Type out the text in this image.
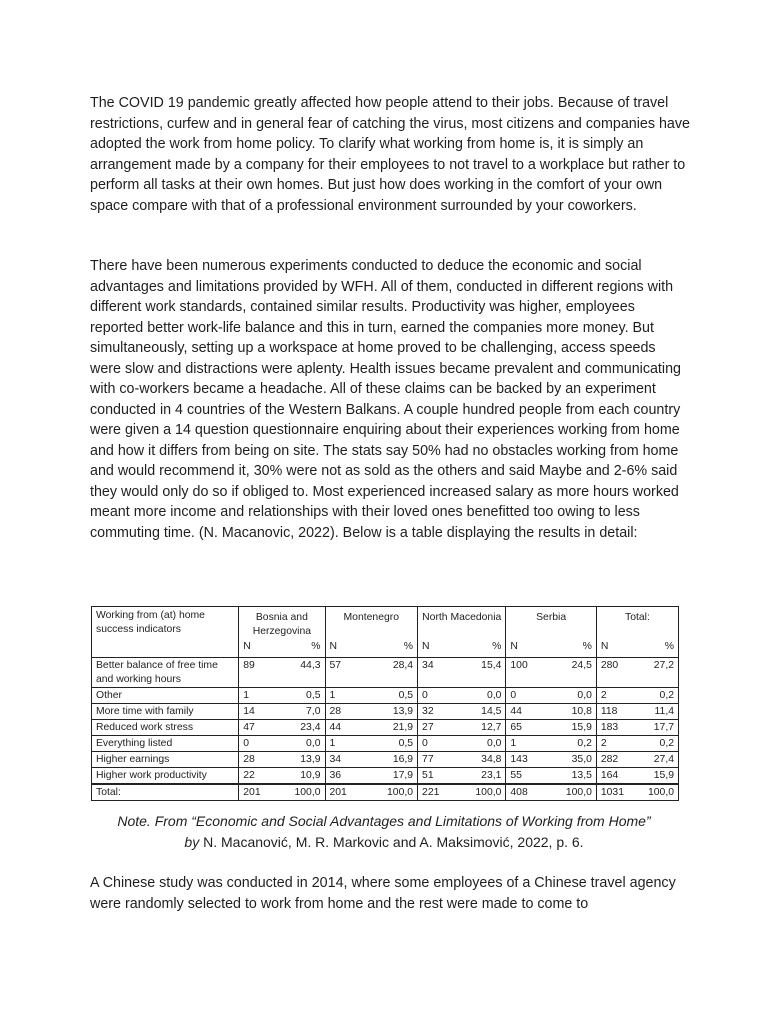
The COVID 19 pandemic greatly affected how people attend to their jobs. Because of travel restrictions, curfew and in general fear of catching the virus, most citizens and companies have adopted the work from home policy. To clarify what working from home is, it is simply an arrangement made by a company for their employees to not travel to a workplace but rather to perform all tasks at their own homes. But just how does working in the comfort of your own space compare with that of a professional environment surrounded by your coworkers.

There have been numerous experiments conducted to deduce the economic and social advantages and limitations provided by WFH. All of them, conducted in different regions with different work standards, contained similar results. Productivity was higher, employees reported better work-life balance and this in turn, earned the companies more money. But simultaneously, setting up a workspace at home proved to be challenging, access speeds were slow and distractions were aplenty. Health issues became prevalent and communicating with co-workers became a headache. All of these claims can be backed by an experiment conducted in 4 countries of the Western Balkans. A couple hundred people from each country were given a 14 question questionnaire enquiring about their experiences working from home and how it differs from being on site. The stats say 50% had no obstacles working from home and would recommend it, 30% were not as sold as the others and said Maybe and 2-6% said they would only do so if obliged to. Most experienced increased salary as more hours worked meant more income and relationships with their loved ones benefitted too owing to less commuting time. (N. Macanovic, 2022). Below is a table displaying the results in detail:

Working from (at) home success indicators	Bosnia and Herzegovina		Montenegro		North Macedonia		Serbia		Total:	
	N	%	N	%	N	%	N	%	N	%
Better balance of free time and working hours	89	44,3	57	28,4	34	15,4	100	24,5	280	27,2
Other	1	0,5	1	0,5	0	0,0	0	0,0	2	0,2
More time with family	14	7,0	28	13,9	32	14,5	44	10,8	118	11,4
Reduced work stress	47	23,4	44	21,9	27	12,7	65	15,9	183	17,7
Everything listed	0	0,0	1	0,5	0	0,0	1	0,2	2	0,2
Higher earnings	28	13,9	34	16,9	77	34,8	143	35,0	282	27,4
Higher work productivity	22	10,9	36	17,9	51	23,1	55	13,5	164	15,9
Total:	201	100,0	201	100,0	221	100,0	408	100,0	1031	100,0
Note. From “Economic and Social Advantages and Limitations of Working from Home”
by N. Macanović, M. R. Markovic and A. Maksimović, 2022, p. 6.

A Chinese study was conducted in 2014, where some employees of a Chinese travel agency were randomly selected to work from home and the rest were made to come to
